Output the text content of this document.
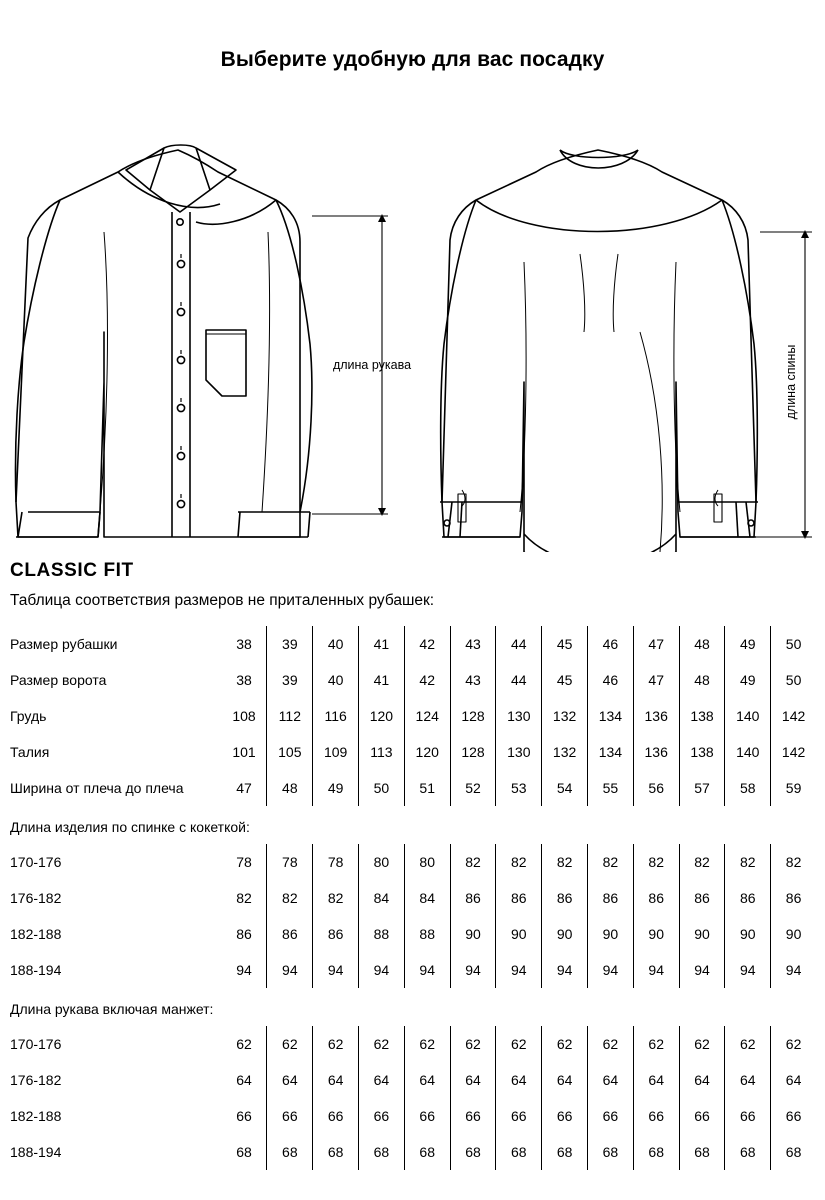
Выберите удобную для вас посадку
длина рукава	длина спины
CLASSIC FIT
Таблица соответствия размеров не приталенных рубашек:
Размер рубашки	38	39	40	41	42	43	44	45	46	47	48	49	50
Размер ворота	38	39	40	41	42	43	44	45	46	47	48	49	50
Грудь	108	112	116	120	124	128	130	132	134	136	138	140	142
Талия	101	105	109	113	120	128	130	132	134	136	138	140	142
Ширина от плеча до плеча	47	48	49	50	51	52	53	54	55	56	57	58	59
Длина изделия по спинке с кокеткой:													
170-176	78	78	78	80	80	82	82	82	82	82	82	82	82
176-182	82	82	82	84	84	86	86	86	86	86	86	86	86
182-188	86	86	86	88	88	90	90	90	90	90	90	90	90
188-194	94	94	94	94	94	94	94	94	94	94	94	94	94
Длина рукава включая манжет:													
170-176	62	62	62	62	62	62	62	62	62	62	62	62	62
176-182	64	64	64	64	64	64	64	64	64	64	64	64	64
182-188	66	66	66	66	66	66	66	66	66	66	66	66	66
188-194	68	68	68	68	68	68	68	68	68	68	68	68	68
